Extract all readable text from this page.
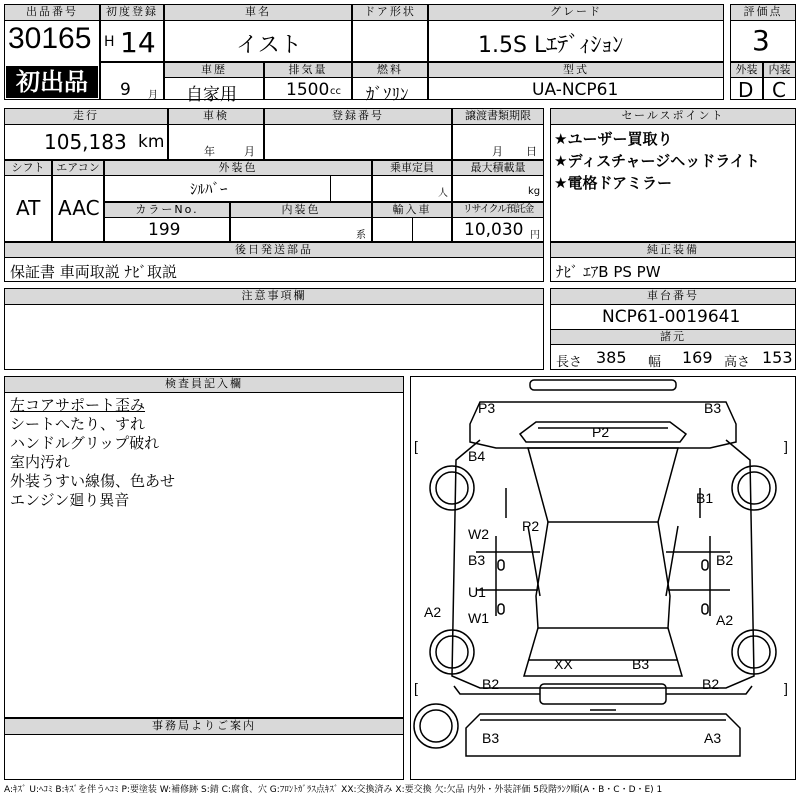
出品番号
30165
初出品
初度登録
H 14
車名
イスト
ドア形状	グレード
1.5S Lｴﾃﾞｨｼｮﾝ
評価点
3
9 月
車歴
自家用
排気量
1500 cc
燃料
ｶﾞｿﾘﾝ
型式
UA-NCP61
外装
D
内装
C
走行
105,183 km
車検
年	月
登録番号	譲渡書類期限
月 日
セールスポイント
★ユーザー買取り
★ディスチャージヘッドライト
★電格ドアミラー
シフト
AT
エアコン
AAC
外装色
ｼﾙﾊﾞｰ
乗車定員
人
最大積載量
kg
カラーNo.
199
内装色
系
輸入車	リサイクル預託金
10,030 円
後日発送部品
保証書 車両取説 ﾅﾋﾞ取説
純正装備
ﾅﾋﾞ ｴｱB PS PW
注意事項欄	車台番号
NCP61-0019641
諸元
長さ 385 幅 169 高さ 153
検査員記入欄
左コアサポート歪み
シートへたり、すれ
ハンドルグリップ破れ
室内汚れ
外装うすい線傷、色あせ
エンジン廻り異音
事務局よりご案内
P3	B3
P2
B4
B1
P2
W2
B3	B2
U1
A2 W1	A2
XX	B3
B2	B2
B3	A3
[	]
[	]
A:ｷｽﾞ U:ﾍｺﾐ B:ｷｽﾞを伴うﾍｺﾐ P:要塗装 W:補修跡 S:錆 C:腐食、穴 G:ﾌﾛﾝﾄｶﾞﾗｽ点ｷｽﾞ XX:交換済み X:要交換 欠:欠品 内外・外装評価 5段階ﾗﾝｸ順(A・B・C・D・E) 1
